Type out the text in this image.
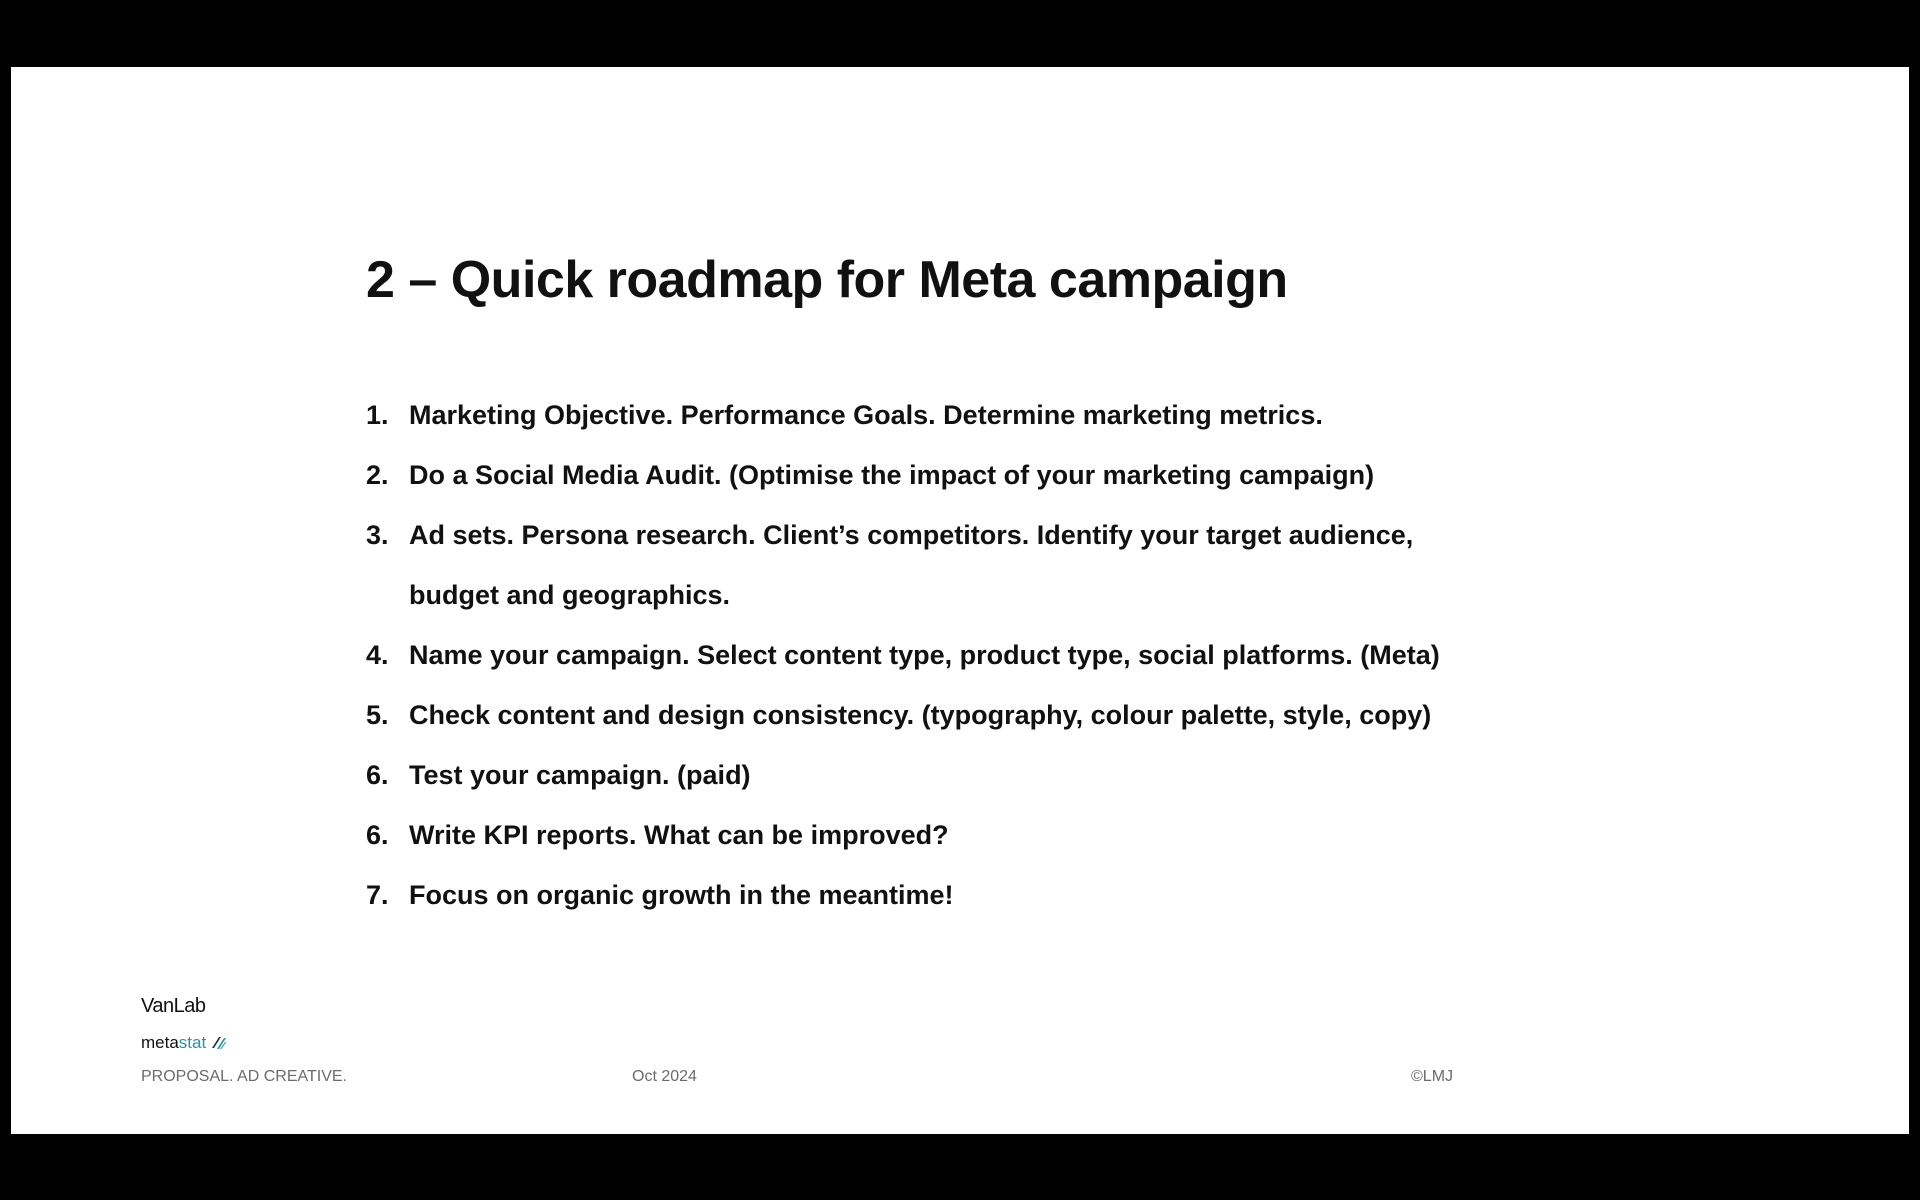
2 – Quick roadmap for Meta campaign
1. Marketing Objective. Performance Goals. Determine marketing metrics.
2. Do a Social Media Audit. (Optimise the impact of your marketing campaign)
3. Ad sets. Persona research. Client’s competitors. Identify your target audience,
budget and geographics.
4. Name your campaign. Select content type, product type, social platforms. (Meta)
5. Check content and design consistency. (typography, colour palette, style, copy)
6. Test your campaign. (paid)
6. Write KPI reports. What can be improved?
7. Focus on organic growth in the meantime!
VanLab
metastat
PROPOSAL. AD CREATIVE.	Oct 2024	©LMJ
